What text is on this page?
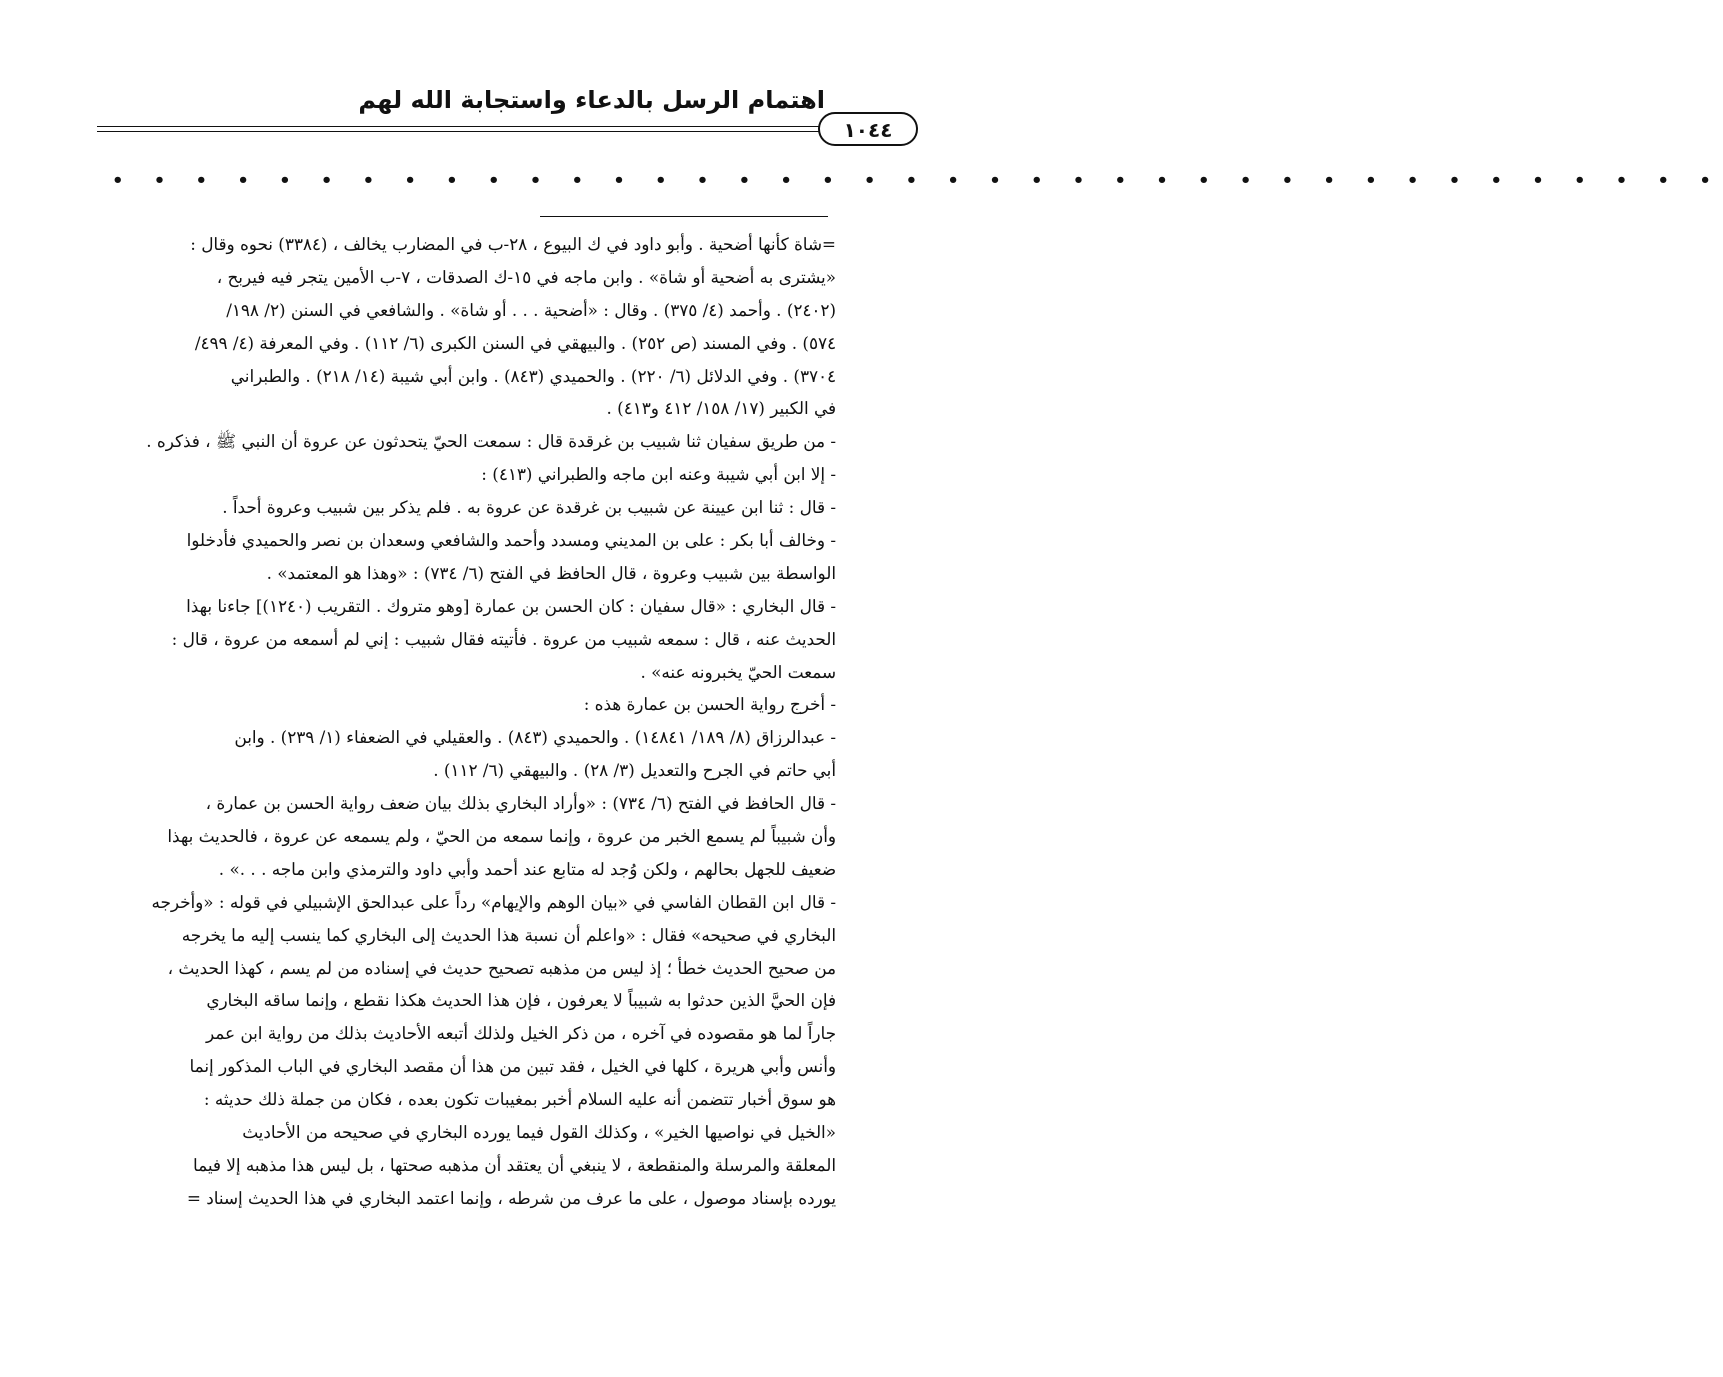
اهتمام الرسل بالدعاء واستجابة الله لهم
١٠٤٤
• • • • • • • • • • • • • • • • • • • • • • • • • • • • • • • • • • • • • • •
=شاة كأنها أضحية . وأبو داود في ك البيوع ، ٢٨-ب في المضارب يخالف ، (٣٣٨٤) نحوه وقال :
«يشترى به أضحية أو شاة» . وابن ماجه في ١٥-ك الصدقات ، ٧-ب الأمين يتجر فيه فيربح ،
(٢٤٠٢) . وأحمد (٤/ ٣٧٥) . وقال : «أضحية . . . أو شاة» . والشافعي في السنن (٢/ ١٩٨/
٥٧٤) . وفي المسند (ص ٢٥٢) . والبيهقي في السنن الكبرى (٦/ ١١٢) . وفي المعرفة (٤/ ٤٩٩/
٣٧٠٤) . وفي الدلائل (٦/ ٢٢٠) . والحميدي (٨٤٣) . وابن أبي شيبة (١٤/ ٢١٨) . والطبراني
في الكبير (١٧/ ١٥٨/ ٤١٢ و٤١٣) .
- من طريق سفيان ثنا شبيب بن غرقدة قال : سمعت الحيّ يتحدثون عن عروة أن النبي ﷺ ، فذكره .
- إلا ابن أبي شيبة وعنه ابن ماجه والطبراني (٤١٣) :
- قال : ثنا ابن عيينة عن شبيب بن غرقدة عن عروة به . فلم يذكر بين شبيب وعروة أحداً .
- وخالف أبا بكر : على بن المديني ومسدد وأحمد والشافعي وسعدان بن نصر والحميدي فأدخلوا
الواسطة بين شبيب وعروة ، قال الحافظ في الفتح (٦/ ٧٣٤) : «وهذا هو المعتمد» .
- قال البخاري : «قال سفيان : كان الحسن بن عمارة [وهو متروك . التقريب (١٢٤٠)] جاءنا بهذا
الحديث عنه ، قال : سمعه شبيب من عروة . فأتيته فقال شبيب : إني لم أسمعه من عروة ، قال :
سمعت الحيّ يخبرونه عنه» .
- أخرج رواية الحسن بن عمارة هذه :
- عبدالرزاق (٨/ ١٨٩/ ١٤٨٤١) . والحميدي (٨٤٣) . والعقيلي في الضعفاء (١/ ٢٣٩) . وابن
أبي حاتم في الجرح والتعديل (٣/ ٢٨) . والبيهقي (٦/ ١١٢) .
- قال الحافظ في الفتح (٦/ ٧٣٤) : «وأراد البخاري بذلك بيان ضعف رواية الحسن بن عمارة ،
وأن شبيباً لم يسمع الخبر من عروة ، وإنما سمعه من الحيّ ، ولم يسمعه عن عروة ، فالحديث بهذا
ضعيف للجهل بحالهم ، ولكن وُجد له متابع عند أحمد وأبي داود والترمذي وابن ماجه . . .» .
- قال ابن القطان الفاسي في «بيان الوهم والإيهام» رداً على عبدالحق الإشبيلي في قوله : «وأخرجه
البخاري في صحيحه» فقال : «واعلم أن نسبة هذا الحديث إلى البخاري كما ينسب إليه ما يخرجه
من صحيح الحديث خطأ ؛ إذ ليس من مذهبه تصحيح حديث في إسناده من لم يسم ، كهذا الحديث ،
فإن الحيَّ الذين حدثوا به شبيباً لا يعرفون ، فإن هذا الحديث هكذا نقطع ، وإنما ساقه البخاري
جاراً لما هو مقصوده في آخره ، من ذكر الخيل ولذلك أتبعه الأحاديث بذلك من رواية ابن عمر
وأنس وأبي هريرة ، كلها في الخيل ، فقد تبين من هذا أن مقصد البخاري في الباب المذكور إنما
هو سوق أخبار تتضمن أنه عليه السلام أخبر بمغيبات تكون بعده ، فكان من جملة ذلك حديثه :
«الخيل في نواصيها الخير» ، وكذلك القول فيما يورده البخاري في صحيحه من الأحاديث
المعلقة والمرسلة والمنقطعة ، لا ينبغي أن يعتقد أن مذهبه صحتها ، بل ليس هذا مذهبه إلا فيما
يورده بإسناد موصول ، على ما عرف من شرطه ، وإنما اعتمد البخاري في هذا الحديث إسناد =
